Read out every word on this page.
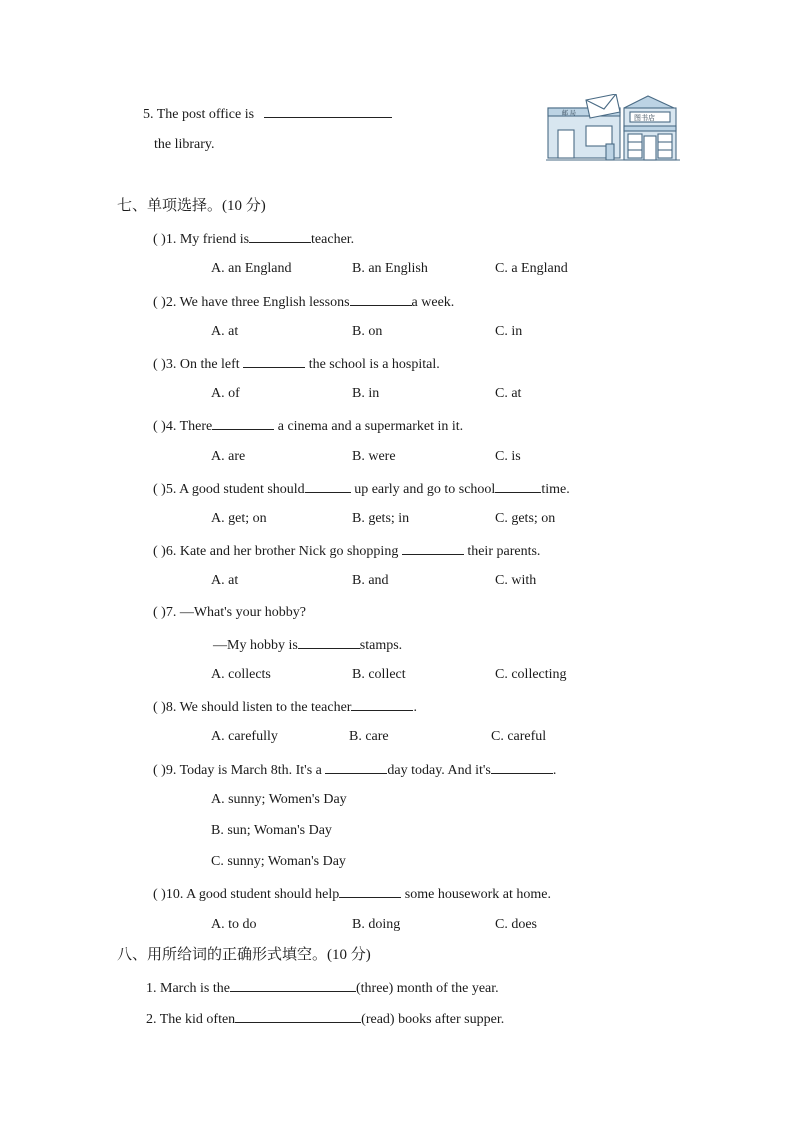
5. The post office is
the library.
邮 局
图书店
七、单项选择。(10 分)
( )1. My friend is	teacher.
A. an England	B. an English	C. a England
( )2. We have three English lessons	a week.
A. at	B. on	C. in
( )3. On the left	the school is a hospital.
A. of	B. in	C. at
( )4. There	a cinema and a supermarket in it.
A. are	B. were	C. is
( )5. A good student should	up early and go to school	time.
A. get; on	B. gets; in	C. gets; on
( )6. Kate and her brother Nick go shopping	their parents.
A. at	B. and	C. with
( )7. —What's your hobby?
—My hobby is	stamps.
A. collects	B. collect	C. collecting
( )8. We should listen to the teacher	.
A. carefully	B. care	C. careful
( )9. Today is March 8th. It's a	day today. And it's	.
A. sunny; Women's Day
B. sun; Woman's Day
C. sunny; Woman's Day
( )10. A good student should help	some housework at home.
A. to do	B. doing	C. does
八、用所给词的正确形式填空。(10 分)
1. March is the	(three) month of the year.
2. The kid often	(read) books after supper.
